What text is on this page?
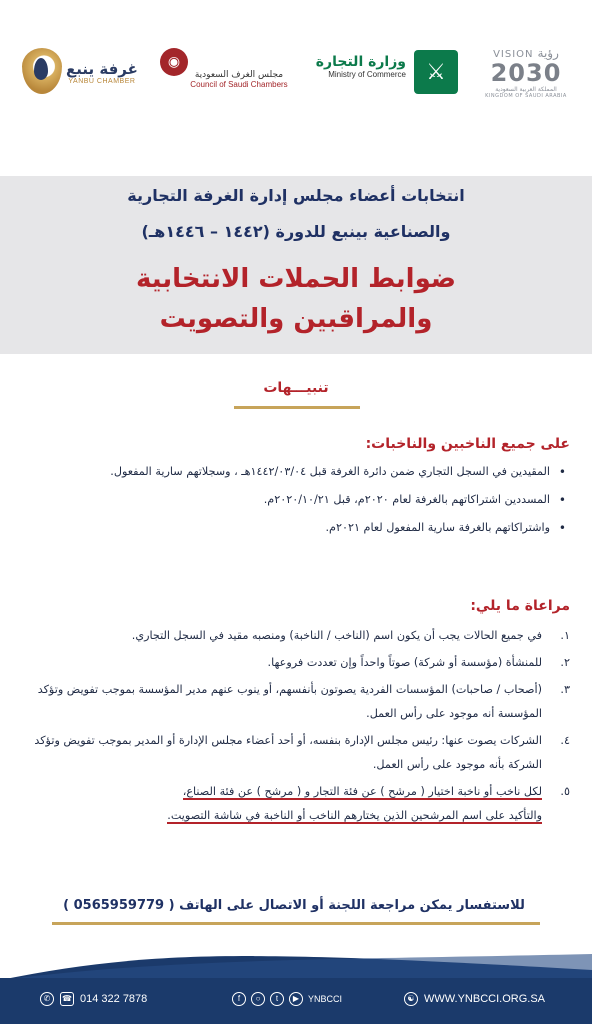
VISION رؤية
2030
المملكة العربية السعودية
KINGDOM OF SAUDI ARABIA
⚔
وزارة التجارة
Ministry of Commerce
◉
مجلس الغرف السعودية
Council of Saudi Chambers
غرفة ينبع
YANBU CHAMBER
انتخابات أعضاء مجلس إدارة الغرفة التجارية
والصناعية بينبع للدورة (١٤٤٢ – ١٤٤٦هـ)
ضوابط الحملات الانتخابية
والمراقبين والتصويت
تنبيـــهات
على جميع الناخبين والناخبات:
• المقيدين في السجل التجاري ضمن دائرة الغرفة قبل ١٤٤٢/٠٣/٠٤هـ ، وسجلاتهم سارية المفعول.
• المسددين اشتراكاتهم بالغرفة لعام ٢٠٢٠م، قبل ٢٠٢٠/١٠/٢١م.
• واشتراكاتهم بالغرفة سارية المفعول لعام ٢٠٢١م.
مراعاة ما يلي:
١.
في جميع الحالات يجب أن يكون اسم (الناخب / الناخبة) ومنصبه مقيد في السجل التجاري.
٢.
للمنشأة (مؤسسة أو شركة) صوتاً واحداً وإن تعددت فروعها.
٣.
(أصحاب / صاحبات) المؤسسات الفردية يصوتون بأنفسهم، أو ينوب عنهم مدير المؤسسة بموجب تفويض وتؤكد المؤسسة أنه موجود على رأس العمل.
٤.
الشركات يصوت عنها: رئيس مجلس الإدارة بنفسه، أو أحد أعضاء مجلس الإدارة أو المدير بموجب تفويض وتؤكد الشركة بأنه موجود على رأس العمل.
٥.
لكل ناخب أو ناخبة اختيار ( مرشح ) عن فئة التجار و ( مرشح ) عن فئة الصناع،
والتأكيد على اسم المرشحين الذين يختارهم الناخب أو الناخبة في شاشة التصويت.
للاستفسار يمكن مراجعة اللجنة أو الاتصال على الهاتف ( 0565959779 )
✆	☎ 014 322 7878	f	○	t	▶ YNBCCI	☯ WWW.YNBCCI.ORG.SA
